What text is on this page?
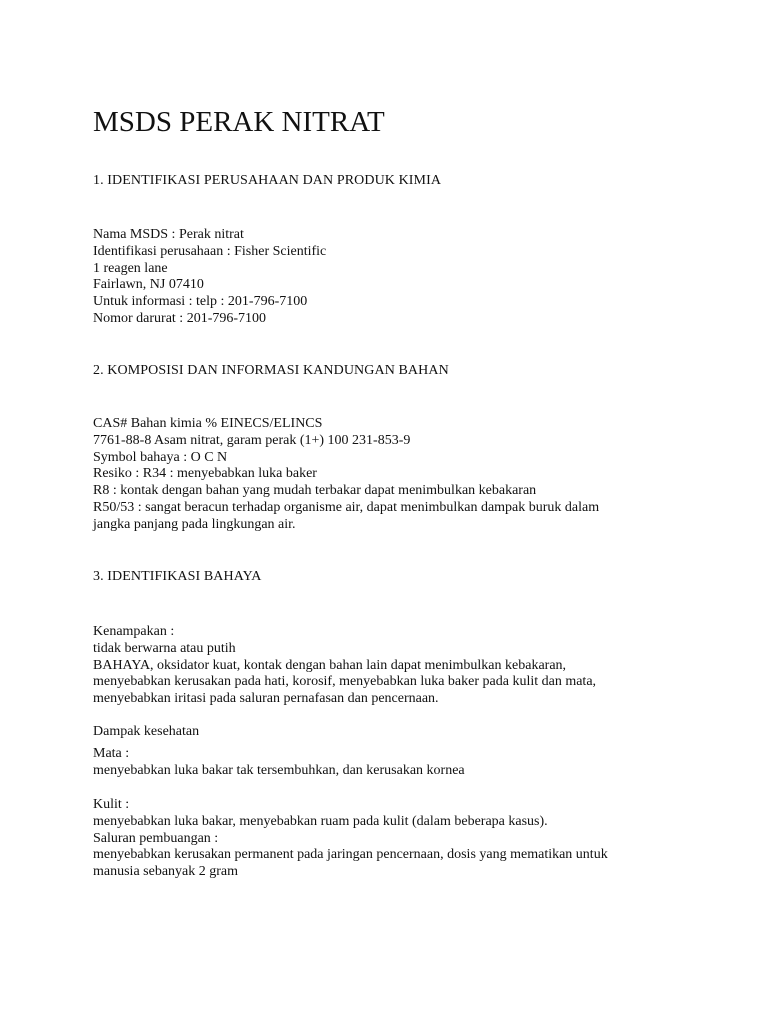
MSDS PERAK NITRAT
1. IDENTIFIKASI PERUSAHAAN DAN PRODUK KIMIA
Nama MSDS : Perak nitrat
Identifikasi perusahaan : Fisher Scientific
1 reagen lane
Fairlawn, NJ 07410
Untuk informasi : telp : 201-796-7100
Nomor darurat : 201-796-7100
2. KOMPOSISI DAN INFORMASI KANDUNGAN BAHAN
CAS# Bahan kimia % EINECS/ELINCS
7761-88-8 Asam nitrat, garam perak (1+) 100 231-853-9
Symbol bahaya : O C N
Resiko : R34 : menyebabkan luka baker
R8 : kontak dengan bahan yang mudah terbakar dapat menimbulkan kebakaran
R50/53 : sangat beracun terhadap organisme air, dapat menimbulkan dampak buruk dalam
jangka panjang pada lingkungan air.
3. IDENTIFIKASI BAHAYA
Kenampakan :
tidak berwarna atau putih
BAHAYA, oksidator kuat, kontak dengan bahan lain dapat menimbulkan kebakaran,
menyebabkan kerusakan pada hati, korosif, menyebabkan luka baker pada kulit dan mata,
menyebabkan iritasi pada saluran pernafasan dan pencernaan.
Dampak kesehatan
Mata :
menyebabkan luka bakar tak tersembuhkan, dan kerusakan kornea
Kulit :
menyebabkan luka bakar, menyebabkan ruam pada kulit (dalam beberapa kasus).
Saluran pembuangan :
menyebabkan kerusakan permanent pada jaringan pencernaan, dosis yang mematikan untuk
manusia sebanyak 2 gram
